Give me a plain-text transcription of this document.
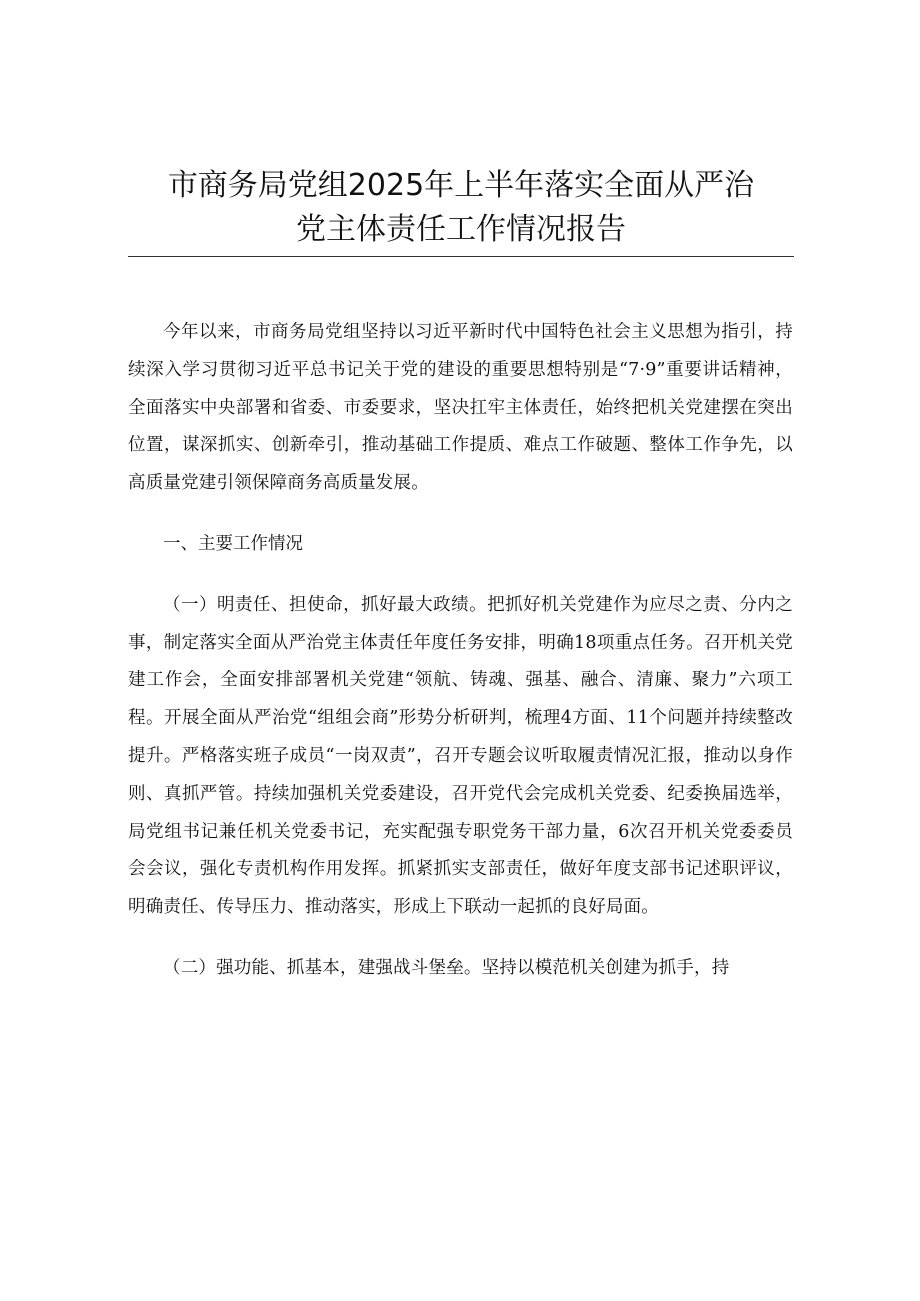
市商务局党组2025年上半年落实全面从严治
党主体责任工作情况报告

今年以来，市商务局党组坚持以习近平新时代中国特色社会主义思想为指引，持续深入学习贯彻习近平总书记关于党的建设的重要思想特别是“7·9”重要讲话精神，全面落实中央部署和省委、市委要求，坚决扛牢主体责任，始终把机关党建摆在突出位置，谋深抓实、创新牵引，推动基础工作提质、难点工作破题、整体工作争先，以高质量党建引领保障商务高质量发展。

一、主要工作情况

（一）明责任、担使命，抓好最大政绩。把抓好机关党建作为应尽之责、分内之事，制定落实全面从严治党主体责任年度任务安排，明确18项重点任务。召开机关党建工作会，全面安排部署机关党建“领航、铸魂、强基、融合、清廉、聚力”六项工程。开展全面从严治党“组组会商”形势分析研判，梳理4方面、11个问题并持续整改提升。严格落实班子成员“一岗双责”，召开专题会议听取履责情况汇报，推动以身作则、真抓严管。持续加强机关党委建设，召开党代会完成机关党委、纪委换届选举，局党组书记兼任机关党委书记，充实配强专职党务干部力量，6次召开机关党委委员会会议，强化专责机构作用发挥。抓紧抓实支部责任，做好年度支部书记述职评议，明确责任、传导压力、推动落实，形成上下联动一起抓的良好局面。

（二）强功能、抓基本，建强战斗堡垒。坚持以模范机关创建为抓手，持
